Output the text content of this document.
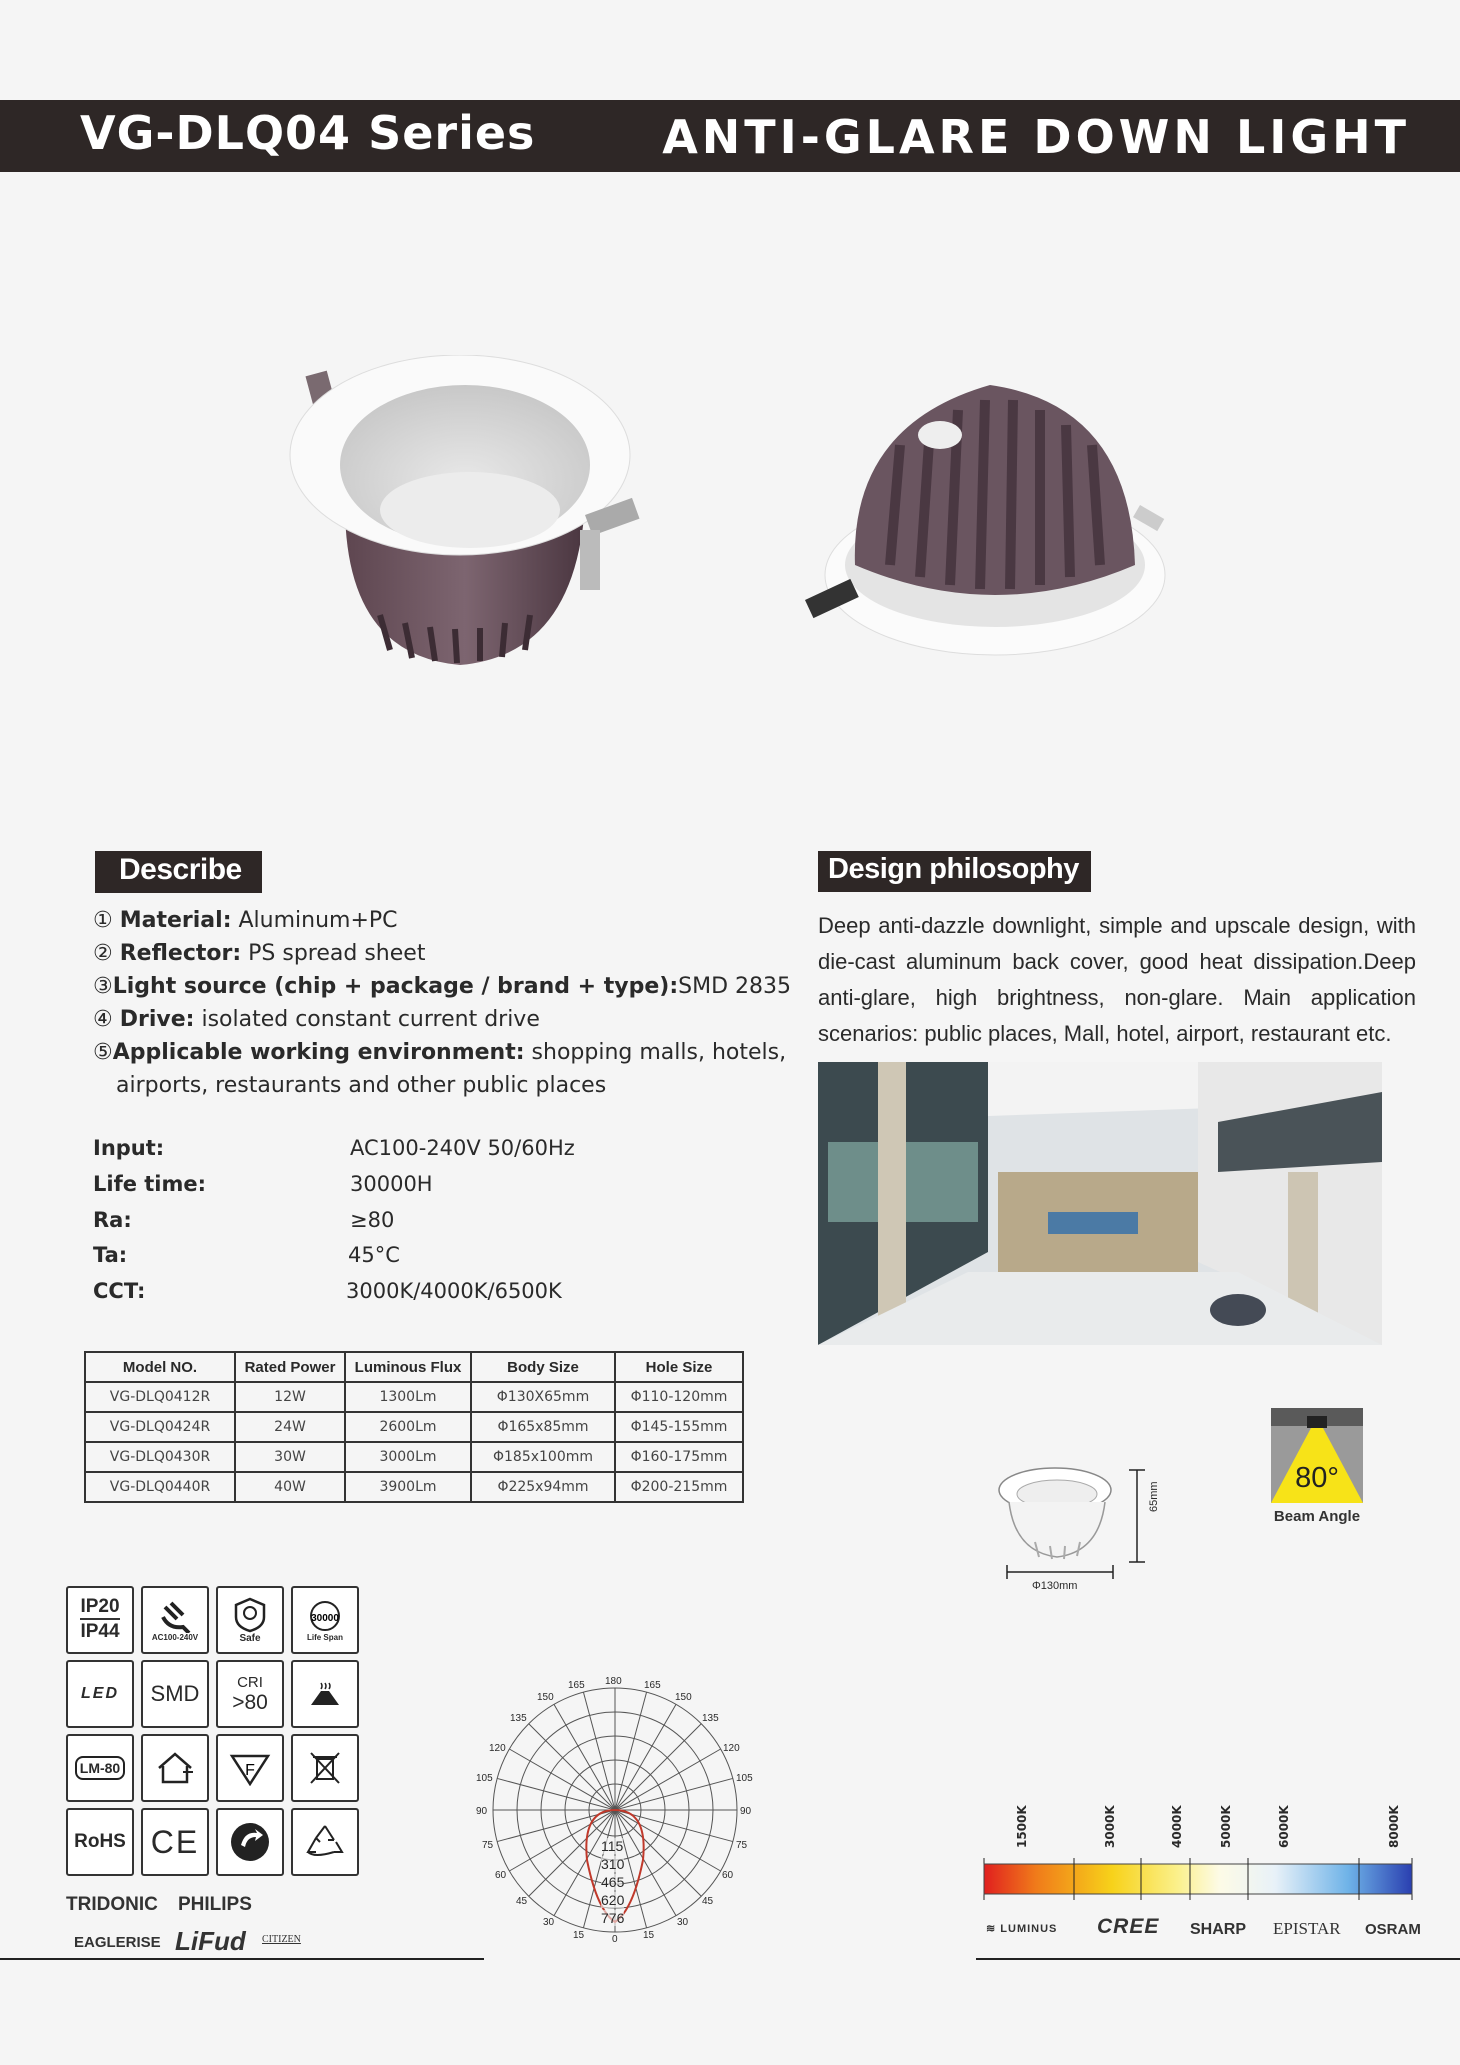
VG-DLQ04 Series	ANTI-GLARE DOWN LIGHT
Describe
① Material: Aluminum+PC
② Reflector: PS spread sheet
③Light source (chip + package / brand + type):SMD 2835
④ Drive: isolated constant current drive
⑤Applicable working environment: shopping malls, hotels,
airports, restaurants and other public places
Input:	AC100-240V 50/60Hz
Life time:	30000H
Ra:	≥80
Ta:	45°C
CCT:	3000K/4000K/6500K
Design philosophy
Deep anti-dazzle downlight, simple and upscale design, with die-cast aluminum back cover, good heat dissipation.Deep anti-glare, high brightness, non-glare. Main application scenarios: public places, Mall, hotel, airport, restaurant etc.
Model NO.	Rated Power	Luminous Flux	Body Size	Hole Size
VG-DLQ0412R	12W	1300Lm	Φ130X65mm	Φ110-120mm
VG-DLQ0424R	24W	2600Lm	Φ165x85mm	Φ145-155mm
VG-DLQ0430R	30W	3000Lm	Φ185x100mm	Φ160-175mm
VG-DLQ0440R	40W	3900Lm	Φ225x94mm	Φ200-215mm	65mm
Φ130mm
80°
Beam Angle
IP20
IP44	AC100-240V	Safe
30000
Life Span
LED SMD	CRI
>80
LM-80	F
RoHS CE
TRIDONIC PHILIPS
EAGLERISE LiFud CITIZEN
180
165	165
150	150
135	135
120	120
105	105
90	90
75	75
60	60
45	45
30	30
15	0	15
115
310
465
620
776
1500K	3000K	4000K	5000K	6000K	8000K
≋ LUMINUS CREE SHARP EPISTAR OSRAM
